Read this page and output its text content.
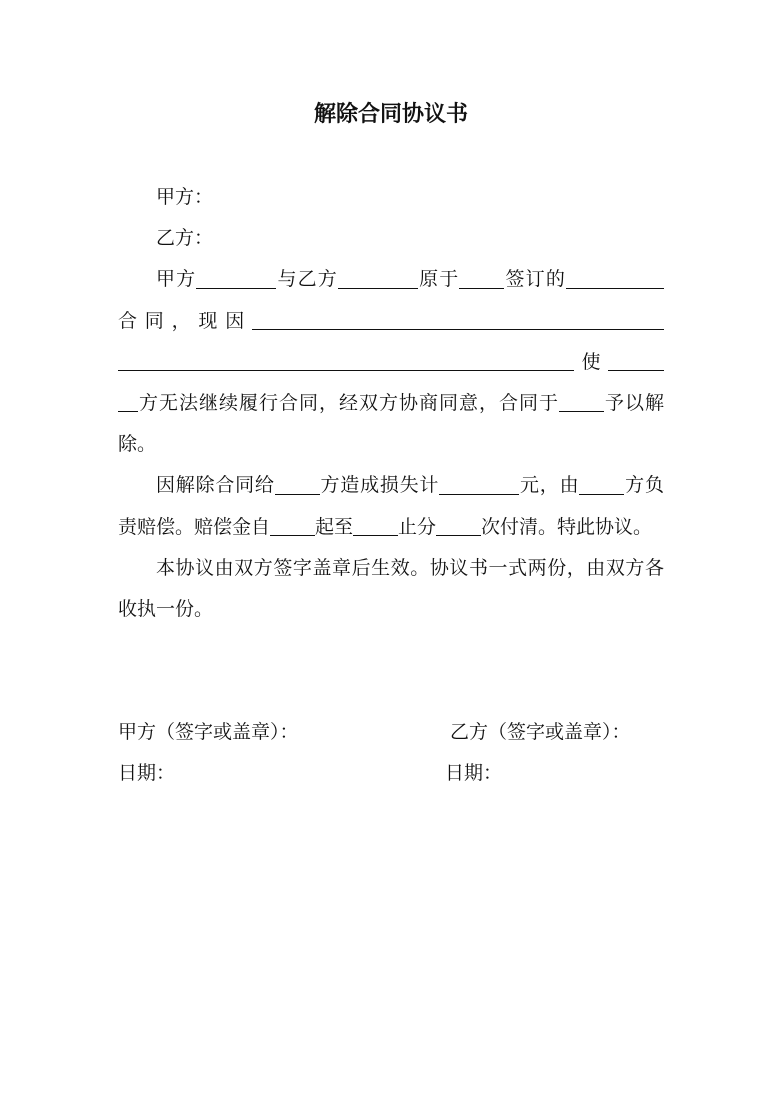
解除合同协议书

甲方：

乙方：

甲方	与乙方	原于 签订的合同，现因使方无法继续履行合同，经双方协商同意，合同于 予以解除。

因解除合同给 方造成损失计	元，由 方负责赔偿。赔偿金自 起至 止分 次付清。特此协议。

本协议由双方签字盖章后生效。协议书一式两份，由双方各收执一份。

甲方（签字或盖章）：	乙方（签字或盖章）：
日期：	日期：
